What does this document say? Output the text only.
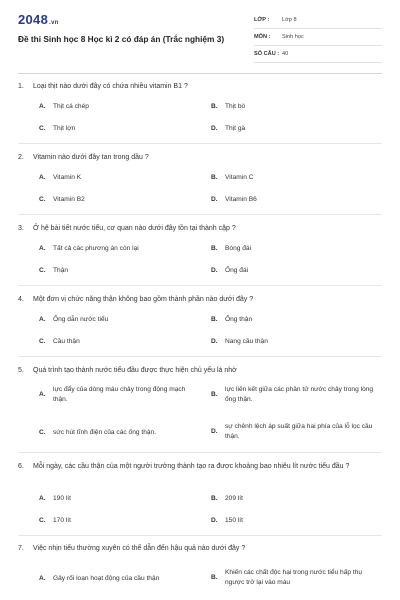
2048.vn
Đề thi Sinh học 8 Học kì 2 có đáp án (Trắc nghiệm 3)
LỚP :	Lớp 8
MÔN :	Sinh học
SỐ CÂU : 40
1.	Loại thịt nào dưới đây có chứa nhiều vitamin B1 ?
A.	Thịt cá chép	B.	Thịt bò
C.	Thịt lợn	D.	Thịt gà
2.	Vitamin nào dưới đây tan trong dầu ?
A.	Vitamin K	B.	Vitamin C
C.	Vitamin B2	D.	Vitamin B6
3.	Ở hệ bài tiết nước tiểu, cơ quan nào dưới đây tồn tại thành cặp ?
A.	Tất cả các phương án còn lại	B.	Bóng đái
C.	Thận	D.	Ống đái
4.	Một đơn vị chức năng thận không bao gồm thành phần nào dưới đây ?
A.	Ống dẫn nước tiểu	B.	Ống thận
C.	Cầu thận	D.	Nang cầu thận
5.	Quá trình tạo thành nước tiểu đầu được thực hiện chủ yếu là nhờ
A.
lực đẩy của dòng máu chảy trong động mạch thận.
B.
lực liên kết giữa các phân tử nước chảy trong lòng ống thận.
C.	sức hút tĩnh điện của các ống thận.	D.
sự chênh lệch áp suất giữa hai phía của lỗ lọc cầu thận.
6.	Mỗi ngày, các cầu thận của một người trưởng thành tạo ra được khoảng bao nhiêu lít nước tiểu đầu ?
A.	190 lít	B.	209 lít
C.	170 lít	D.	150 lít
7.	Việc nhịn tiểu thường xuyên có thể dẫn đến hậu quả nào dưới đây ?
A.	Gây rối loạn hoạt động của cầu thận	B.
Khiến các chất độc hại trong nước tiểu hấp thụ ngược trở lại vào máu
